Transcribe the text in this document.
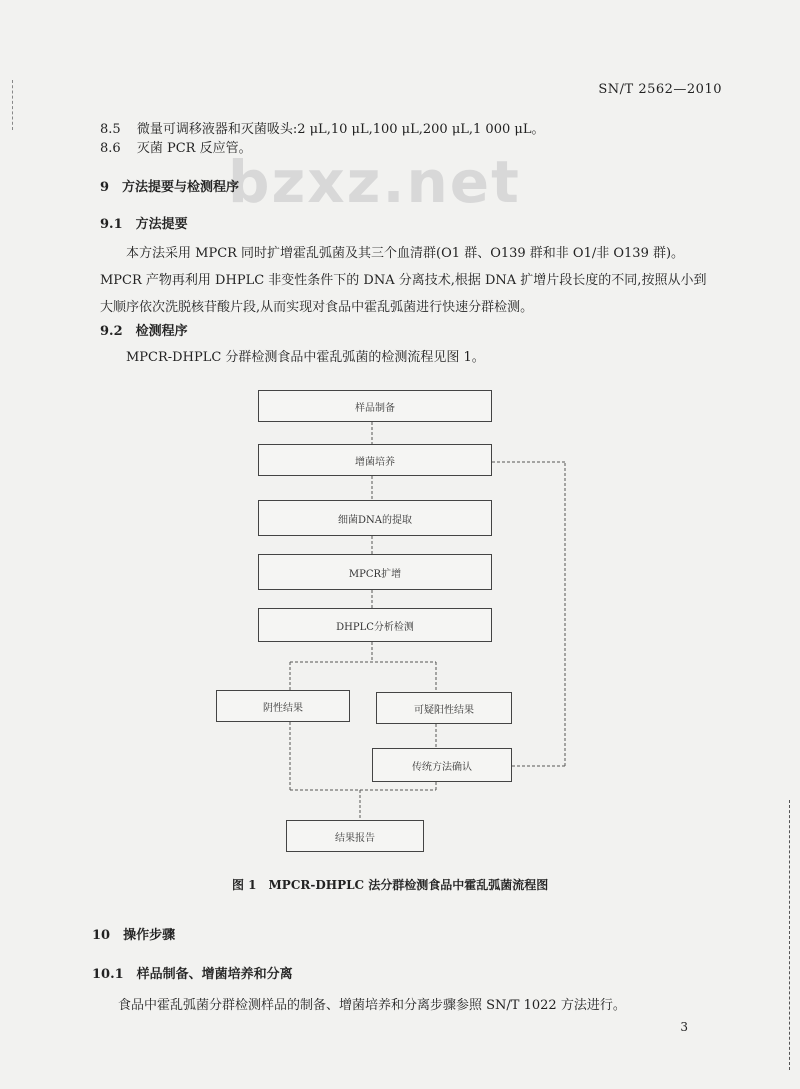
SN/T 2562—2010
8.5 微量可调移液器和灭菌吸头:2 μL,10 μL,100 μL,200 μL,1 000 μL。
8.6 灭菌 PCR 反应管。
bzxz.net
9　方法提要与检测程序
9.1　方法提要
本方法采用 MPCR 同时扩增霍乱弧菌及其三个血清群(O1 群、O139 群和非 O1/非 O139 群)。MPCR 产物再利用 DHPLC 非变性条件下的 DNA 分离技术,根据 DNA 扩增片段长度的不同,按照从小到大顺序依次洗脱核苷酸片段,从而实现对食品中霍乱弧菌进行快速分群检测。
9.2　检测程序
MPCR-DHPLC 分群检测食品中霍乱弧菌的检测流程见图 1。
样品制备
增菌培养
细菌DNA的提取
MPCR扩增
DHPLC分析检测
阴性结果	可疑阳性结果
传统方法确认
结果报告
图 1　MPCR-DHPLC 法分群检测食品中霍乱弧菌流程图
10　操作步骤
10.1　样品制备、增菌培养和分离
食品中霍乱弧菌分群检测样品的制备、增菌培养和分离步骤参照 SN/T 1022 方法进行。
3
